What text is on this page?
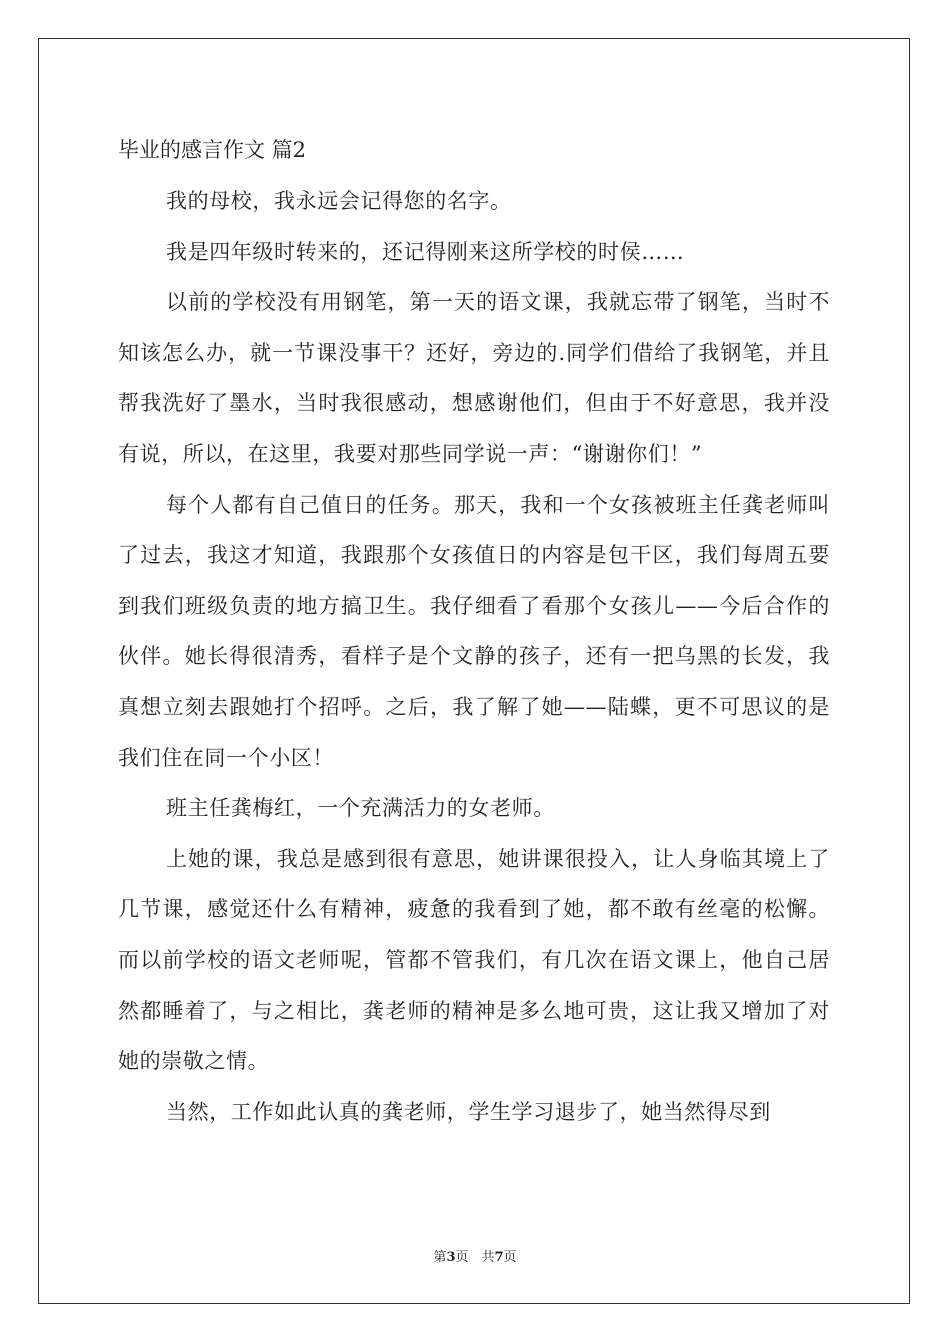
毕业的感言作文 篇2

我的母校，我永远会记得您的名字。

我是四年级时转来的，还记得刚来这所学校的时侯……

以前的学校没有用钢笔，第一天的语文课，我就忘带了钢笔，当时不知该怎么办，就一节课没事干？还好，旁边的.同学们借给了我钢笔，并且帮我洗好了墨水，当时我很感动，想感谢他们，但由于不好意思，我并没有说，所以，在这里，我要对那些同学说一声：“谢谢你们！”

每个人都有自己值日的任务。那天，我和一个女孩被班主任龚老师叫了过去，我这才知道，我跟那个女孩值日的内容是包干区，我们每周五要到我们班级负责的地方搞卫生。我仔细看了看那个女孩儿——今后合作的伙伴。她长得很清秀，看样子是个文静的孩子，还有一把乌黑的长发，我真想立刻去跟她打个招呼。之后，我了解了她——陆蝶，更不可思议的是我们住在同一个小区！

班主任龚梅红，一个充满活力的女老师。

上她的课，我总是感到很有意思，她讲课很投入，让人身临其境上了几节课，感觉还什么有精神，疲惫的我看到了她，都不敢有丝毫的松懈。而以前学校的语文老师呢，管都不管我们，有几次在语文课上，他自己居然都睡着了，与之相比，龚老师的精神是多么地可贵，这让我又增加了对她的崇敬之情。

当然，工作如此认真的龚老师，学生学习退步了，她当然得尽到

第3页　共7页
